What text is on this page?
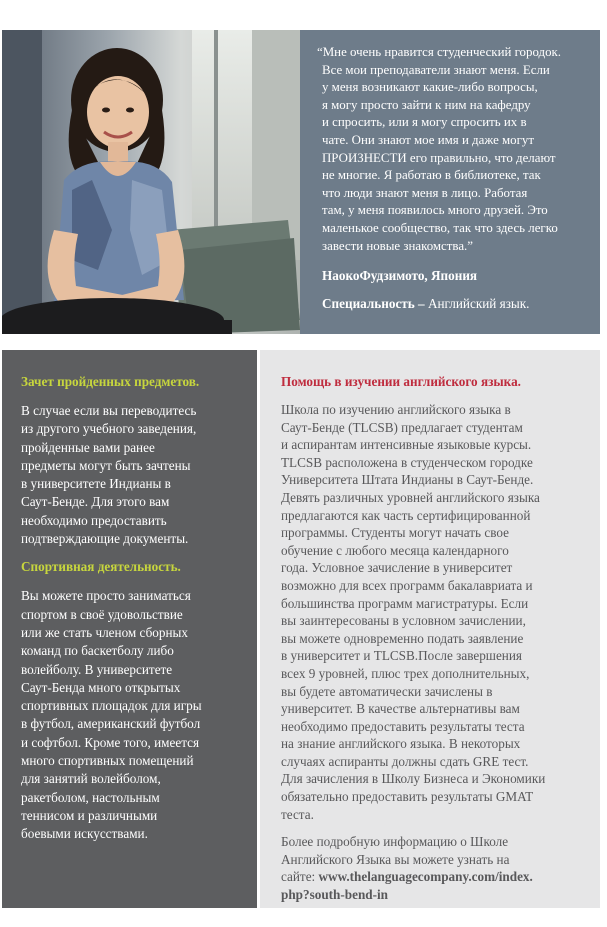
“Мне очень нравится студенческий городок.
Все мои преподаватели знают меня. Если
у меня возникают какие-либо вопросы,
я могу просто зайти к ним на кафедру
и спросить, или я могу спросить их в
чате. Они знают мое имя и даже могут
ПРОИЗНЕСТИ его правильно, что делают
не многие. Я работаю в библиотеке, так
что люди знают меня в лицо. Работая
там, у меня появилось много друзей. Это
маленькое сообщество, так что здесь легко
завести новые знакомства.”

НаокоФудзимото, Япония

Специальность – Английский язык.

Зачет пройденных предметов.

В случае если вы переводитесь
из другого учебного заведения,
пройденные вами ранее
предметы могут быть зачтены
в университете Индианы в
Саут-Бенде. Для этого вам
необходимо предоставить
подтверждающие документы.

Спортивная деятельность.

Вы можете просто заниматься
спортом в своё удовольствие
или же стать членом сборных
команд по баскетболу либо
волейболу. В университете
Саут-Бенда много открытых
спортивных площадок для игры
в футбол, американский футбол
и софтбол. Кроме того, имеется
много спортивных помещений
для занятий волейболом,
ракетболом, настольным
теннисом и различными
боевыми искусствами.

Помощь в изучении английского языка.

Школа по изучению английского языка в
Саут-Бенде (TLCSB) предлагает студентам
и аспирантам интенсивные языковые курсы.
TLCSB расположена в студенческом городке
Университета Штата Индианы в Саут-Бенде.
Девять различных уровней английского языка
предлагаются как часть сертифицированной
программы. Студенты могут начать свое
обучение с любого месяца календарного
года. Условное зачисление в университет
возможно для всех программ бакалавриата и
большинства программ магистратуры. Если
вы заинтересованы в условном зачислении,
вы можете одновременно подать заявление
в университет и TLCSB.После завершения
всех 9 уровней, плюс трех дополнительных,
вы будете автоматически зачислены в
университет. В качестве альтернативы вам
необходимо предоставить результаты теста
на знание английского языка. В некоторых
случаях аспиранты должны сдать GRE тест.
Для зачисления в Школу Бизнеса и Экономики
обязательно предоставить результаты GMAT
теста.

Более подробную информацию о Школе
Английского Языка вы можете узнать на
сайте: www.thelanguagecompany.com/index.
php?south-bend-in
